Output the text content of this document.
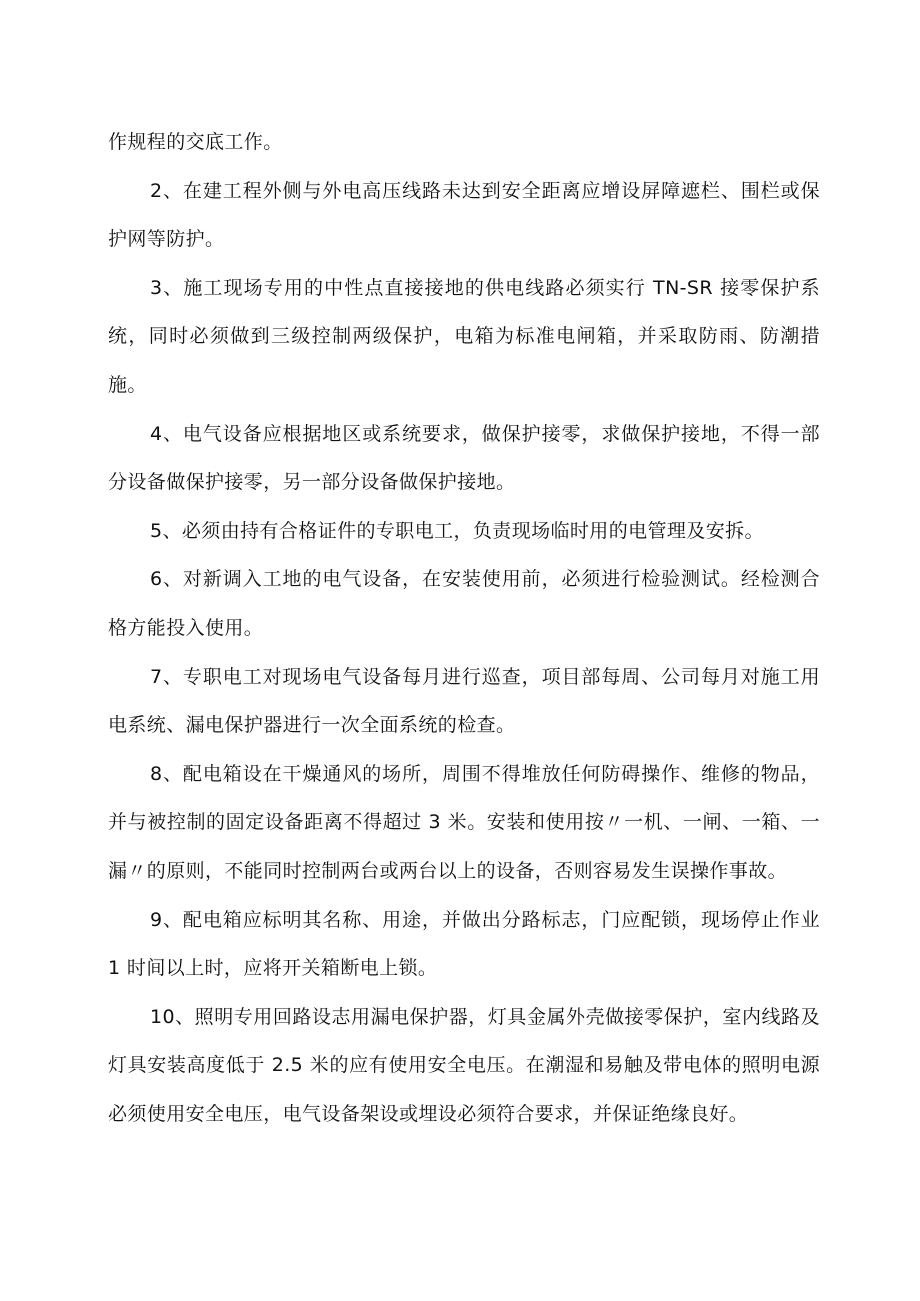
作规程的交底工作。

2、在建工程外侧与外电高压线路未达到安全距离应增设屏障遮栏、围栏或保护网等防护。

3、施工现场专用的中性点直接接地的供电线路必须实行 TN-SR 接零保护系统，同时必须做到三级控制两级保护，电箱为标准电闸箱，并采取防雨、防潮措施。

4、电气设备应根据地区或系统要求，做保护接零，求做保护接地，不得一部分设备做保护接零，另一部分设备做保护接地。

5、必须由持有合格证件的专职电工，负责现场临时用的电管理及安拆。

6、对新调入工地的电气设备，在安装使用前，必须进行检验测试。经检测合格方能投入使用。

7、专职电工对现场电气设备每月进行巡查，项目部每周、公司每月对施工用电系统、漏电保护器进行一次全面系统的检查。

8、配电箱设在干燥通风的场所，周围不得堆放任何防碍操作、维修的物品，并与被控制的固定设备距离不得超过 3 米。安装和使用按〃一机、一闸、一箱、一漏〃的原则，不能同时控制两台或两台以上的设备，否则容易发生误操作事故。

9、配电箱应标明其名称、用途，并做出分路标志，门应配锁，现场停止作业 1 时间以上时，应将开关箱断电上锁。

10、照明专用回路设志用漏电保护器，灯具金属外壳做接零保护，室内线路及灯具安装高度低于 2.5 米的应有使用安全电压。在潮湿和易触及带电体的照明电源必须使用安全电压，电气设备架设或埋设必须符合要求，并保证绝缘良好。
